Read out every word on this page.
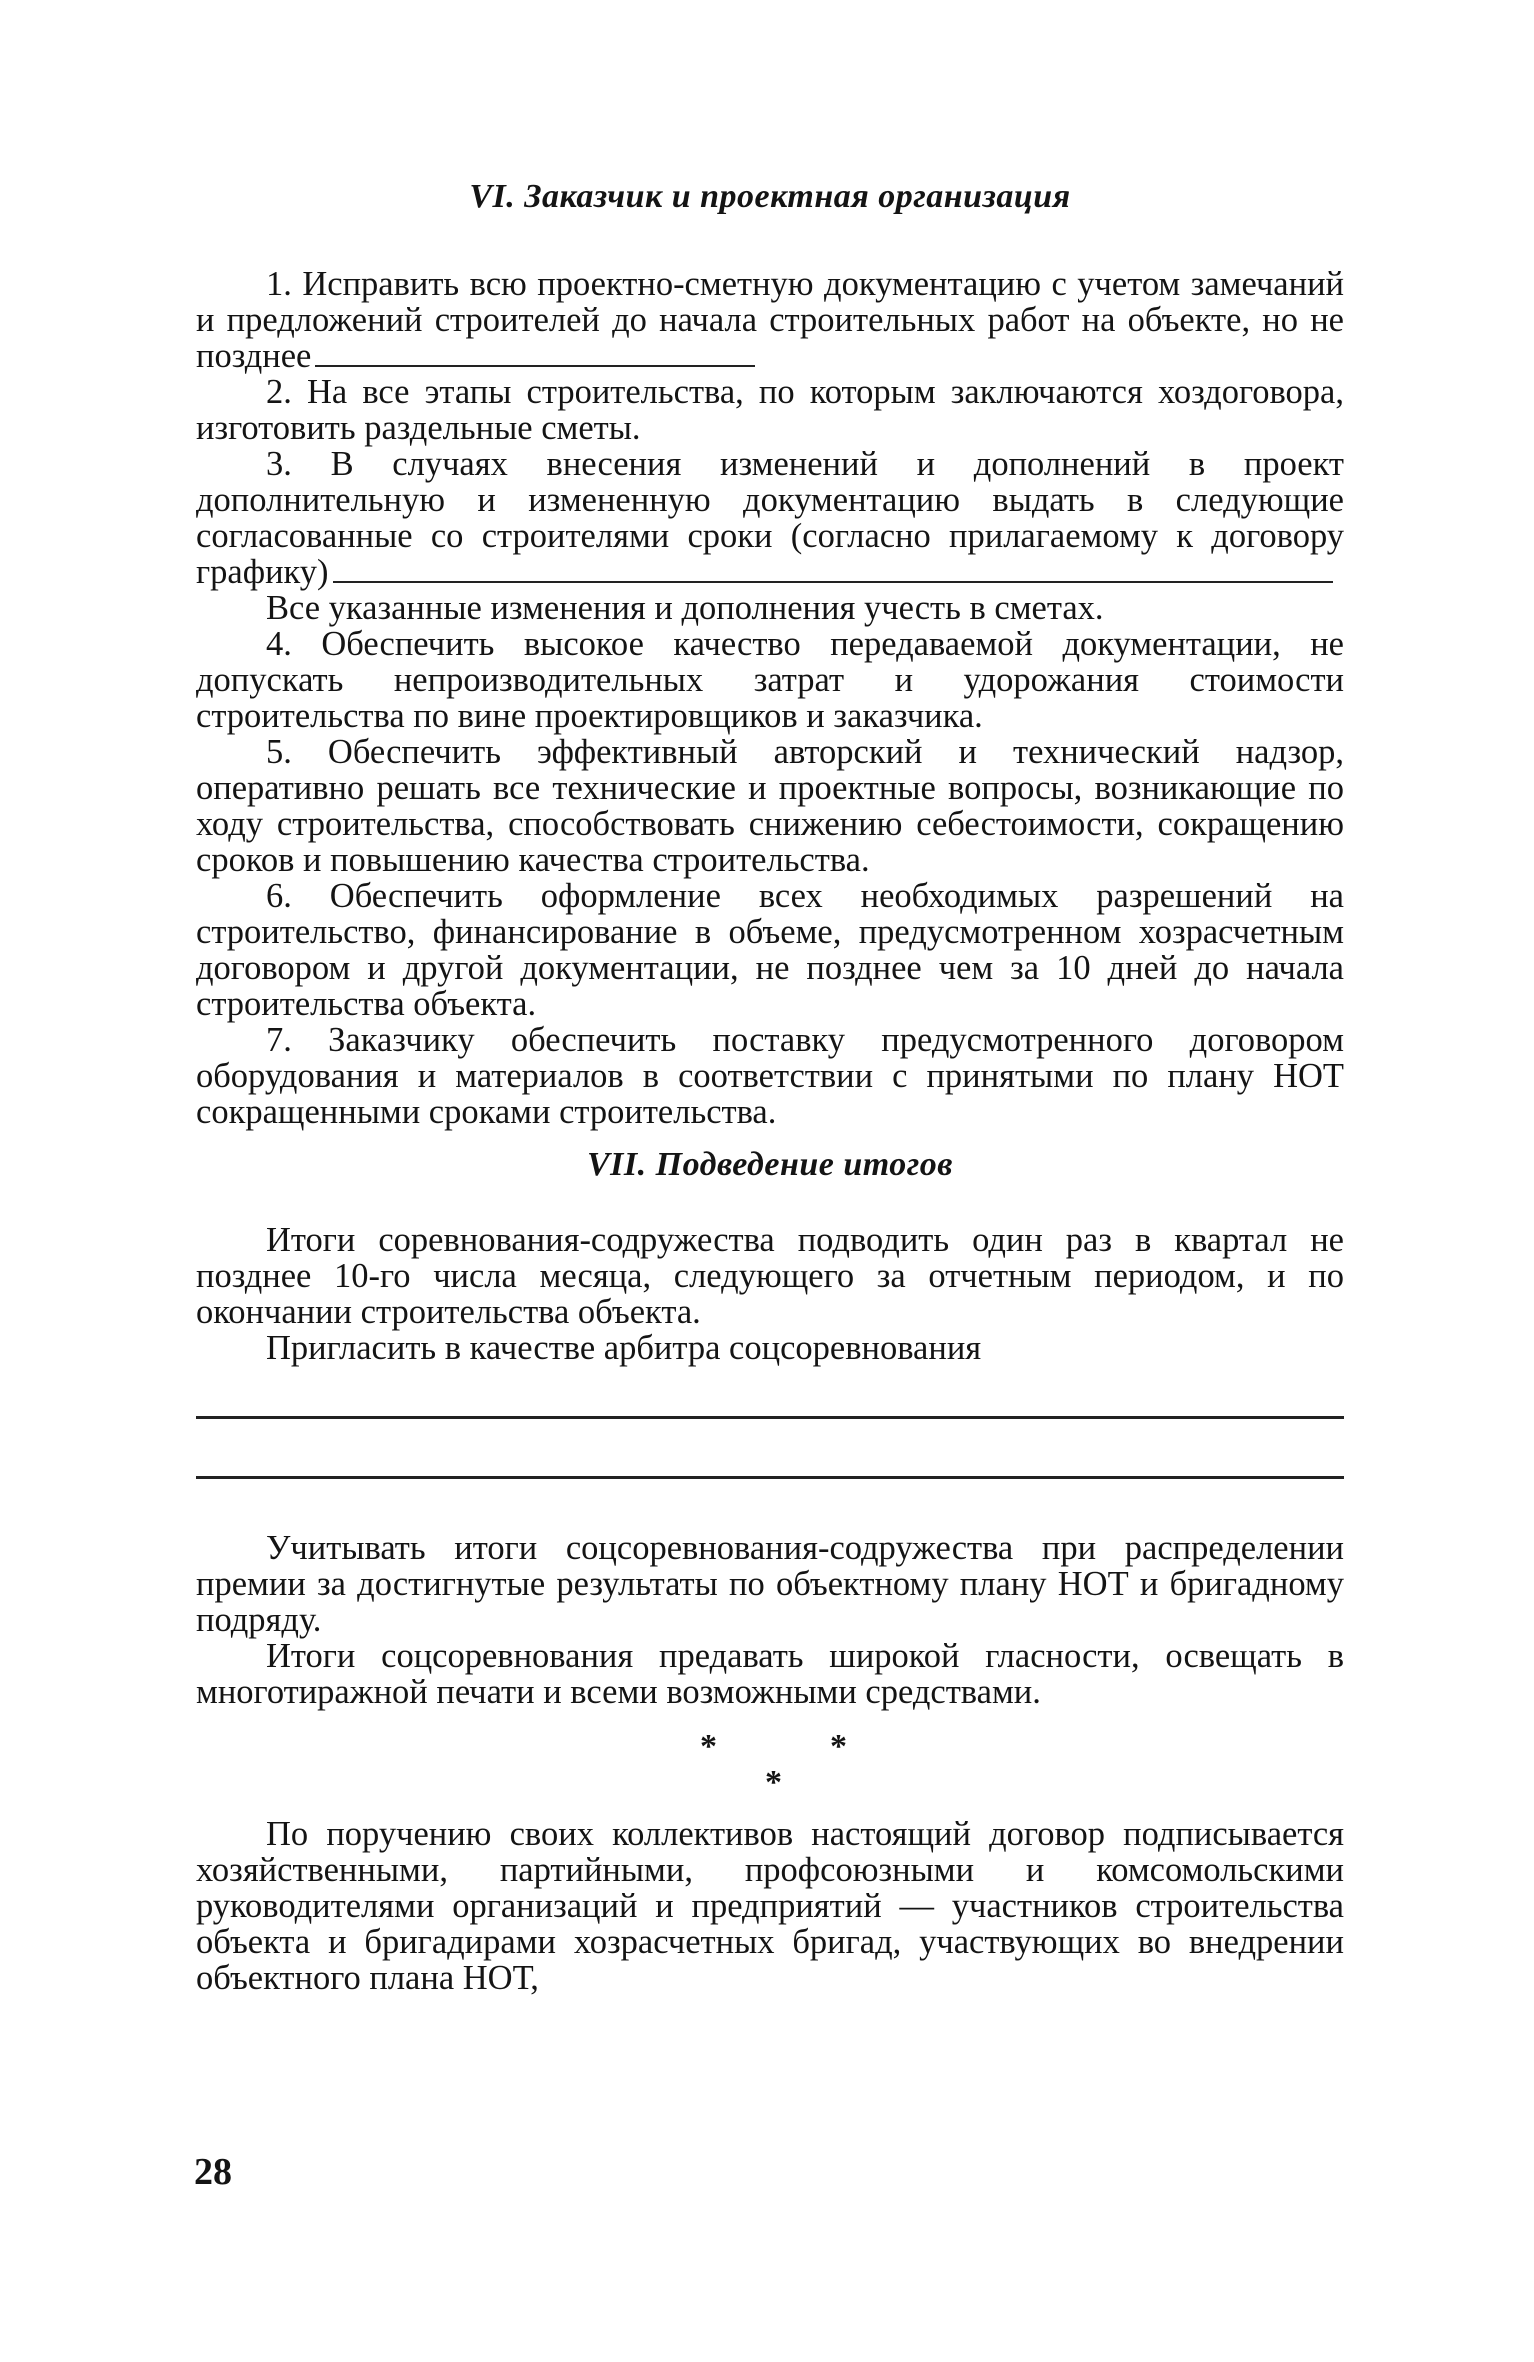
VI. Заказчик и проектная организация

1. Исправить всю проектно-сметную документацию с учетом замечаний и предложений строителей до начала строительных работ на объекте, но не позднее

2. На все этапы строительства, по которым заключаются хоздоговора, изготовить раздельные сметы.

3. В случаях внесения изменений и дополнений в проект дополнительную и измененную документацию выдать в следующие согласованные со строителями сроки (согласно прилагаемому к договору графику)

Все указанные изменения и дополнения учесть в сметах.

4. Обеспечить высокое качество передаваемой документации, не допускать непроизводительных затрат и удорожания стоимости строительства по вине проектировщиков и заказчика.

5. Обеспечить эффективный авторский и технический надзор, оперативно решать все технические и проектные вопросы, возникающие по ходу строительства, способствовать снижению себестоимости, сокращению сроков и повышению качества строительства.

6. Обеспечить оформление всех необходимых разрешений на строительство, финансирование в объеме, предусмотренном хозрасчетным договором и другой документации, не позднее чем за 10 дней до начала строительства объекта.

7. Заказчику обеспечить поставку предусмотренного договором оборудования и материалов в соответствии с принятыми по плану НОТ сокращенными сроками строительства.

VII. Подведение итогов

Итоги соревнования-содружества подводить один раз в квартал не позднее 10-го числа месяца, следующего за отчетным периодом, и по окончании строительства объекта.

Пригласить в качестве арбитра соцсоревнования

Учитывать итоги соцсоревнования-содружества при распределении премии за достигнутые результаты по объектному плану НОТ и бригадному подряду.

Итоги соцсоревнования предавать широкой гласности, освещать в многотиражной печати и всеми возможными средствами.

*	*
*

По поручению своих коллективов настоящий договор подписывается хозяйственными, партийными, профсоюзными и комсомольскими руководителями организаций и предприятий — участников строительства объекта и бригадирами хозрасчетных бригад, участвующих во внедрении объектного плана НОТ,

28
